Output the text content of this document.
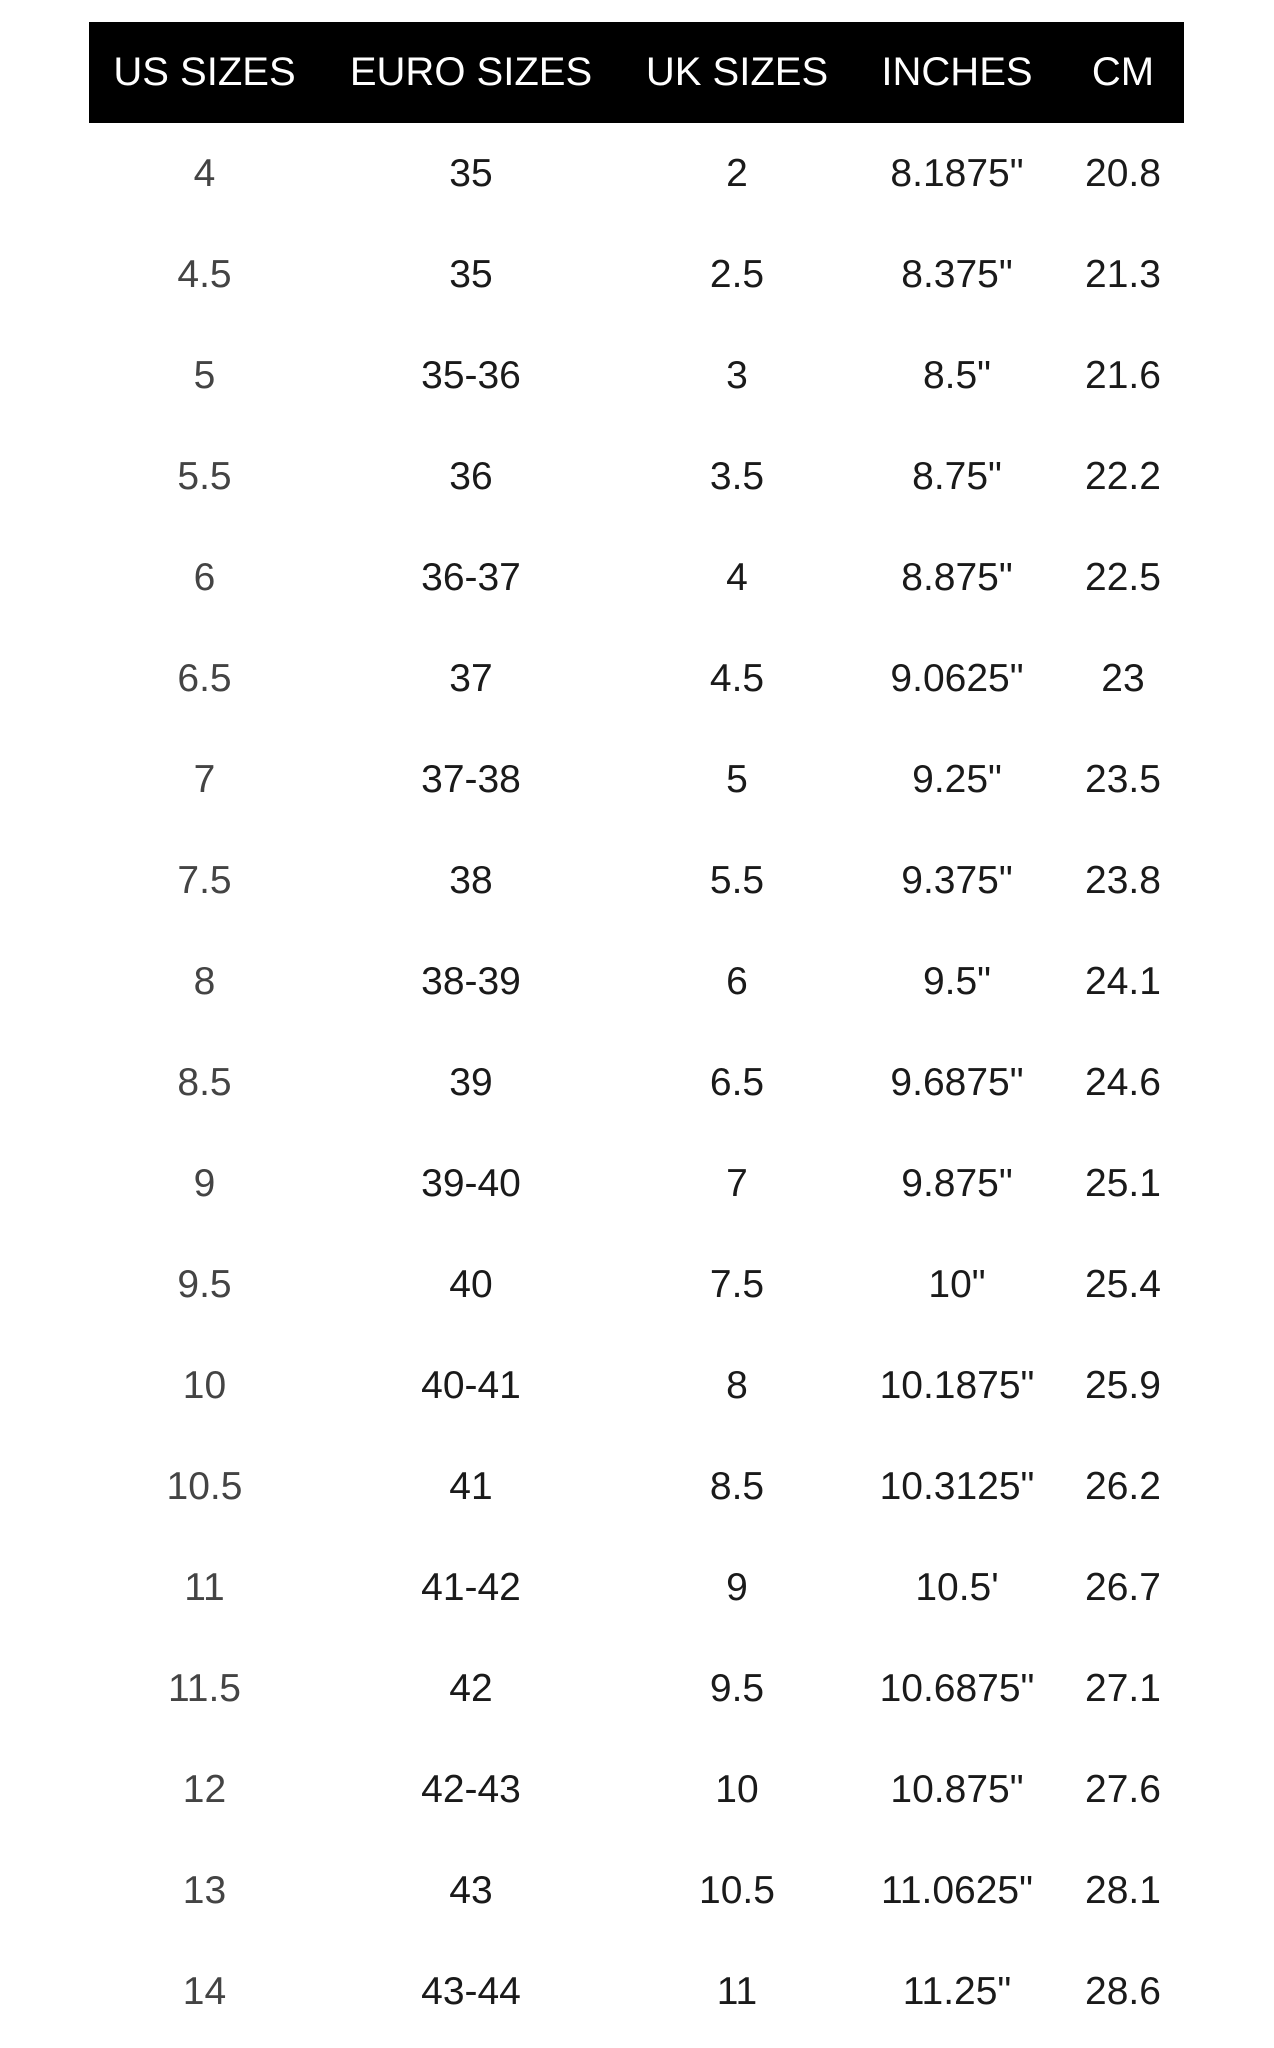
US SIZES	EURO SIZES	UK SIZES	INCHES	CM
4	35	2	8.1875"	20.8
4.5	35	2.5	8.375"	21.3
5	35-36	3	8.5"	21.6
5.5	36	3.5	8.75"	22.2
6	36-37	4	8.875"	22.5
6.5	37	4.5	9.0625"	23
7	37-38	5	9.25"	23.5
7.5	38	5.5	9.375"	23.8
8	38-39	6	9.5"	24.1
8.5	39	6.5	9.6875"	24.6
9	39-40	7	9.875"	25.1
9.5	40	7.5	10"	25.4
10	40-41	8	10.1875"	25.9
10.5	41	8.5	10.3125"	26.2
11	41-42	9	10.5'	26.7
11.5	42	9.5	10.6875"	27.1
12	42-43	10	10.875"	27.6
13	43	10.5	11.0625"	28.1
14	43-44	11	11.25"	28.6
